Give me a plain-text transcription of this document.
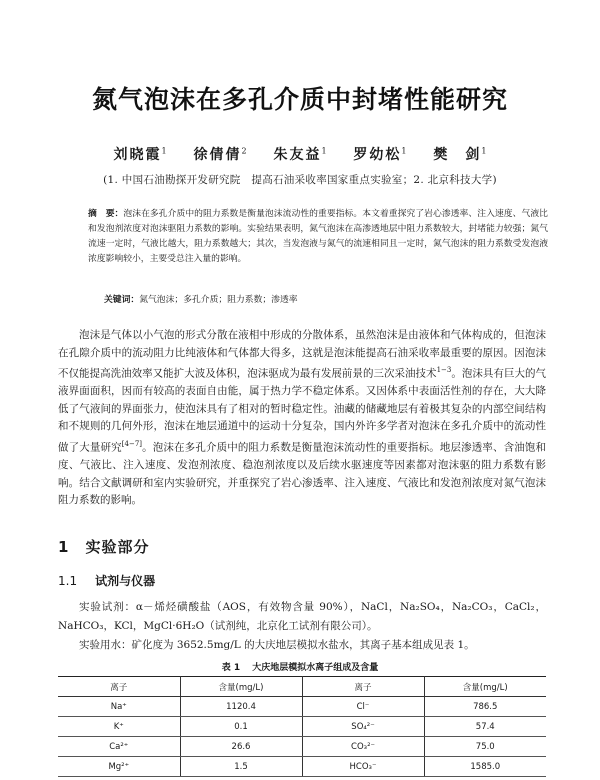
氮气泡沫在多孔介质中封堵性能研究
刘晓霞$^1$ 徐倩倩$^2$ 朱友益$^1$ 罗幼松$^1$ 樊　剑$^1$
(1. 中国石油勘探开发研究院　提高石油采收率国家重点实验室；2. 北京科技大学)
摘　要：泡沫在多孔介质中的阻力系数是衡量泡沫流动性的重要指标。本文着重探究了岩心渗透率、注入速度、气液比和发泡剂浓度对泡沫驱阻力系数的影响。实验结果表明，氮气泡沫在高渗透地层中阻力系数较大，封堵能力较强；氮气流速一定时，气液比越大，阻力系数越大；其次，当发泡液与氮气的流速相同且一定时，氮气泡沫的阻力系数受发泡液浓度影响较小，主要受总注入量的影响。
关键词：氮气泡沫；多孔介质；阻力系数；渗透率
泡沫是气体以小气泡的形式分散在液相中形成的分散体系，虽然泡沫是由液体和气体构成的，但泡沫在孔隙介质中的流动阻力比纯液体和气体都大得多，这就是泡沫能提高石油采收率最重要的原因。因泡沫不仅能提高洗油效率又能扩大波及体积，泡沫驱成为最有发展前景的三次采油技术$^{1-3}$。泡沫具有巨大的气液界面面积，因而有较高的表面自由能，属于热力学不稳定体系。又因体系中表面活性剂的存在，大大降低了气液间的界面张力，使泡沫具有了相对的暂时稳定性。油藏的储藏地层有着极其复杂的内部空间结构和不规则的几何外形，泡沫在地层通道中的运动十分复杂，国内外许多学者对泡沫在多孔介质中的流动性做了大量研究[4−7]。泡沫在多孔介质中的阻力系数是衡量泡沫流动性的重要指标。地层渗透率、含油饱和度、气液比、注入速度、发泡剂浓度、稳泡剂浓度以及后续水驱速度等因素都对泡沫驱的阻力系数有影响。结合文献调研和室内实验研究，并重探究了岩心渗透率、注入速度、气液比和发泡剂浓度对氮气泡沫阻力系数的影响。
1 实验部分
1.1 试剂与仪器
实验试剂：α－烯烃磺酸盐（AOS，有效物含量 90%），NaCl，Na₂SO₄，Na₂CO₃，CaCl₂，NaHCO₃，KCl，MgCl·6H₂O（试剂纯，北京化工试剂有限公司）。
实验用水：矿化度为 3652.5mg/L 的大庆地层模拟水盐水，其离子基本组成见表 1。
表 1 大庆地层模拟水离子组成及含量
离子	含量(mg/L)	离子	含量(mg/L)
Na⁺	1120.4	Cl⁻	786.5
K⁺	0.1	SO₄²⁻	57.4
Ca²⁺	26.6	CO₃²⁻	75.0
Mg²⁺	1.5	HCO₃⁻	1585.0
